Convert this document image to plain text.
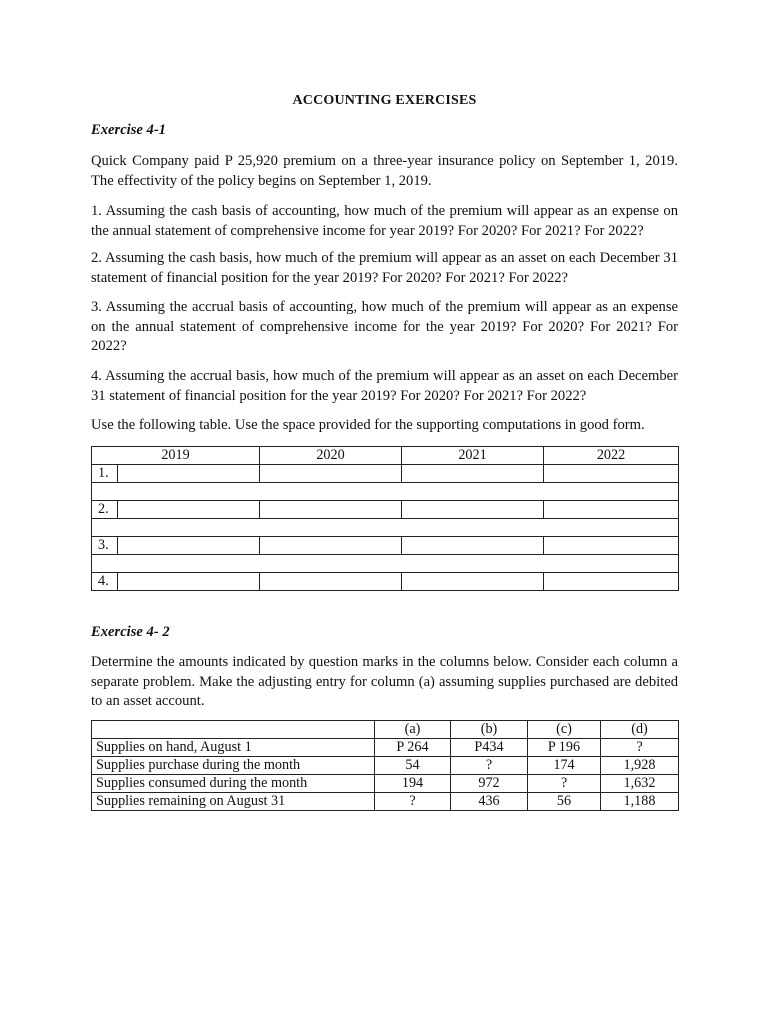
ACCOUNTING EXERCISES
Exercise 4-1

Quick Company paid P 25,920 premium on a three-year insurance policy on September 1, 2019. The effectivity of the policy begins on September 1, 2019.

1. Assuming the cash basis of accounting, how much of the premium will appear as an expense on the annual statement of comprehensive income for year 2019? For 2020? For 2021? For 2022?

2. Assuming the cash basis, how much of the premium will appear as an asset on each December 31 statement of financial position for the year 2019? For 2020? For 2021? For 2022?

3. Assuming the accrual basis of accounting, how much of the premium will appear as an expense on the annual statement of comprehensive income for the year 2019? For 2020? For 2021? For 2022?

4. Assuming the accrual basis, how much of the premium will appear as an asset on each December 31 statement of financial position for the year 2019? For 2020? For 2021? For 2022?

Use the following table. Use the space provided for the supporting computations in good form.

2019		2020	2021	2022
1.				

2.				

3.				

4.				
Exercise 4- 2

Determine the amounts indicated by question marks in the columns below. Consider each column a separate problem. Make the adjusting entry for column (a) assuming supplies purchased are debited to an asset account.

	(a)	(b)	(c)	(d)
Supplies on hand, August 1	P 264	P434	P 196	?
Supplies purchase during the month	54	?	174	1,928
Supplies consumed during the month	194	972	?	1,632
Supplies remaining on August 31	?	436	56	1,188
